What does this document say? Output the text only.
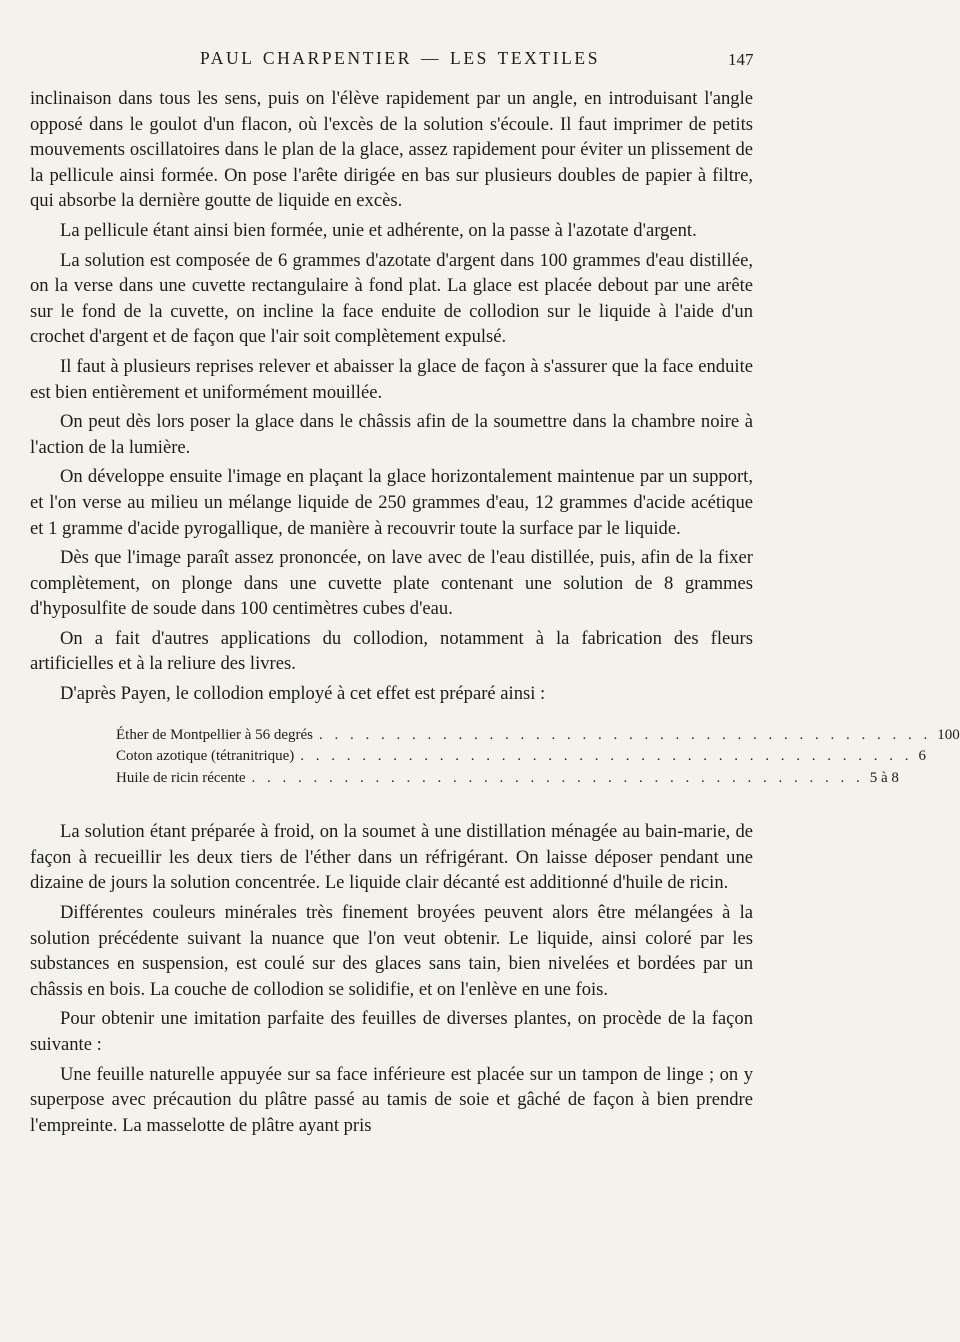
PAUL CHARPENTIER — LES TEXTILES	147

inclinaison dans tous les sens, puis on l'élève rapidement par un angle, en introduisant l'angle opposé dans le goulot d'un flacon, où l'excès de la solution s'écoule. Il faut imprimer de petits mouvements oscillatoires dans le plan de la glace, assez rapidement pour éviter un plissement de la pellicule ainsi formée. On pose l'arête dirigée en bas sur plusieurs doubles de papier à filtre, qui absorbe la dernière goutte de liquide en excès.

La pellicule étant ainsi bien formée, unie et adhérente, on la passe à l'azotate d'argent.

La solution est composée de 6 grammes d'azotate d'argent dans 100 grammes d'eau distillée, on la verse dans une cuvette rectangulaire à fond plat. La glace est placée debout par une arête sur le fond de la cuvette, on incline la face enduite de collodion sur le liquide à l'aide d'un crochet d'argent et de façon que l'air soit complètement expulsé.

Il faut à plusieurs reprises relever et abaisser la glace de façon à s'assurer que la face enduite est bien entièrement et uniformément mouillée.

On peut dès lors poser la glace dans le châssis afin de la soumettre dans la chambre noire à l'action de la lumière.

On développe ensuite l'image en plaçant la glace horizontalement maintenue par un support, et l'on verse au milieu un mélange liquide de 250 grammes d'eau, 12 grammes d'acide acétique et 1 gramme d'acide pyrogallique, de manière à recouvrir toute la surface par le liquide.

Dès que l'image paraît assez prononcée, on lave avec de l'eau distillée, puis, afin de la fixer complètement, on plonge dans une cuvette plate contenant une solution de 8 grammes d'hyposulfite de soude dans 100 centimètres cubes d'eau.

On a fait d'autres applications du collodion, notamment à la fabrication des fleurs artificielles et à la reliure des livres.

D'après Payen, le collodion employé à cet effet est préparé ainsi :

Éther de Montpellier à 56 degrés . . . . . . . . . . . . . . . . . . . . . . . . . . . . . . . . . . . . . . . . 100
Coton azotique (tétranitrique) . . . . . . . . . . . . . . . . . . . . . . . . . . . . . . . . . . . . . . . . 6
Huile de ricin récente . . . . . . . . . . . . . . . . . . . . . . . . . . . . . . . . . . . . . . . . 5 à 8

La solution étant préparée à froid, on la soumet à une distillation ménagée au bain-marie, de façon à recueillir les deux tiers de l'éther dans un réfrigérant. On laisse déposer pendant une dizaine de jours la solution concentrée. Le liquide clair décanté est additionné d'huile de ricin.

Différentes couleurs minérales très finement broyées peuvent alors être mélangées à la solution précédente suivant la nuance que l'on veut obtenir. Le liquide, ainsi coloré par les substances en suspension, est coulé sur des glaces sans tain, bien nivelées et bordées par un châssis en bois. La couche de collodion se solidifie, et on l'enlève en une fois.

Pour obtenir une imitation parfaite des feuilles de diverses plantes, on procède de la façon suivante :

Une feuille naturelle appuyée sur sa face inférieure est placée sur un tampon de linge ; on y superpose avec précaution du plâtre passé au tamis de soie et gâché de façon à bien prendre l'empreinte. La masselotte de plâtre ayant pris
